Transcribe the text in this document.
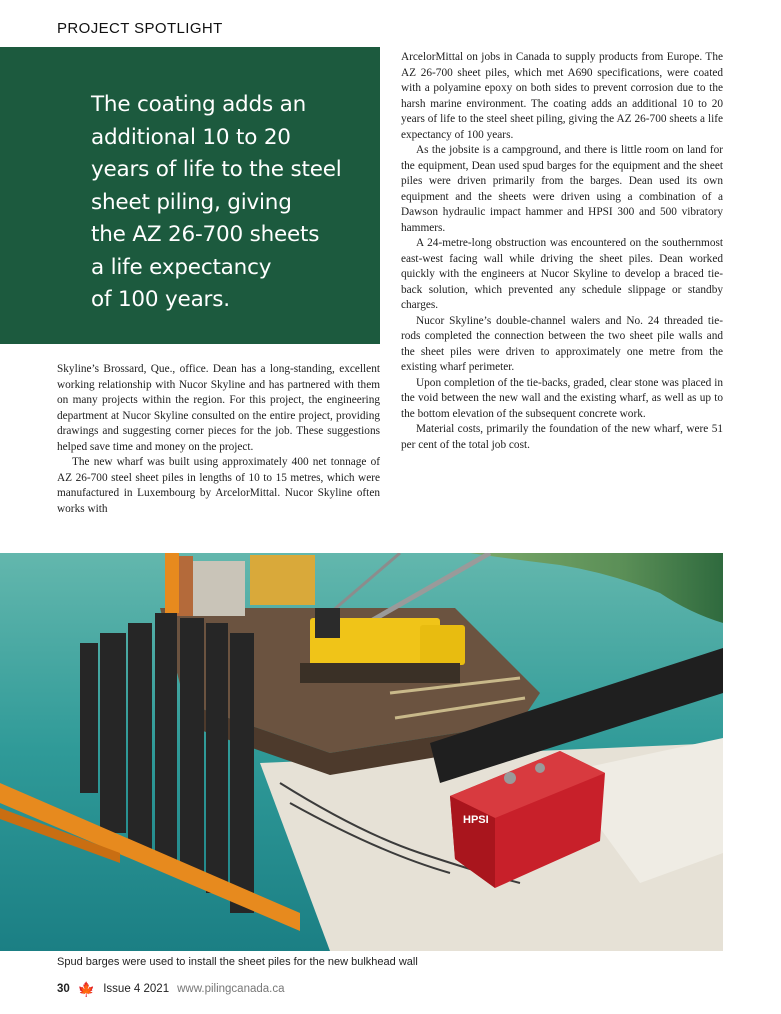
PROJECT SPOTLIGHT

The coating adds an
additional 10 to 20
years of life to the steel
sheet piling, giving
the AZ 26-700 sheets
a life expectancy
of 100 years.

Skyline’s Brossard, Que., office. Dean has a long-standing, excellent working relationship with Nucor Skyline and has partnered with them on many projects within the region. For this project, the engineering department at Nucor Skyline consulted on the entire project, providing drawings and suggesting corner pieces for the job. These suggestions helped save time and money on the project.

The new wharf was built using approximately 400 net tonnage of AZ 26-700 steel sheet piles in lengths of 10 to 15 metres, which were manufactured in Luxembourg by ArcelorMittal. Nucor Skyline often works with

ArcelorMittal on jobs in Canada to supply products from Europe. The AZ 26-700 sheet piles, which met A690 specifications, were coated with a polyamine epoxy on both sides to prevent corrosion due to the harsh marine environment. The coating adds an additional 10 to 20 years of life to the steel sheet piling, giving the AZ 26-700 sheets a life expectancy of 100 years.

As the jobsite is a campground, and there is little room on land for the equipment, Dean used spud barges for the equipment and the sheet piles were driven primarily from the barges. Dean used its own equipment and the sheets were driven using a combination of a Dawson hydraulic impact hammer and HPSI 300 and 500 vibratory hammers.

A 24-metre-long obstruction was encountered on the southernmost east-west facing wall while driving the sheet piles. Dean worked quickly with the engineers at Nucor Skyline to develop a braced tie-back solution, which prevented any schedule slippage or standby charges.

Nucor Skyline’s double-channel walers and No. 24 threaded tie-rods completed the connection between the two sheet pile walls and the sheet piles were driven to approximately one metre from the existing wharf perimeter.

Upon completion of the tie-backs, graded, clear stone was placed in the void between the new wall and the existing wharf, as well as up to the bottom elevation of the subsequent concrete work.

Material costs, primarily the foundation of the new wharf, were 51 per cent of the total job cost.

HPSI

Spud barges were used to install the sheet piles for the new bulkhead wall

30 🍁 Issue 4 2021 www.pilingcanada.ca
